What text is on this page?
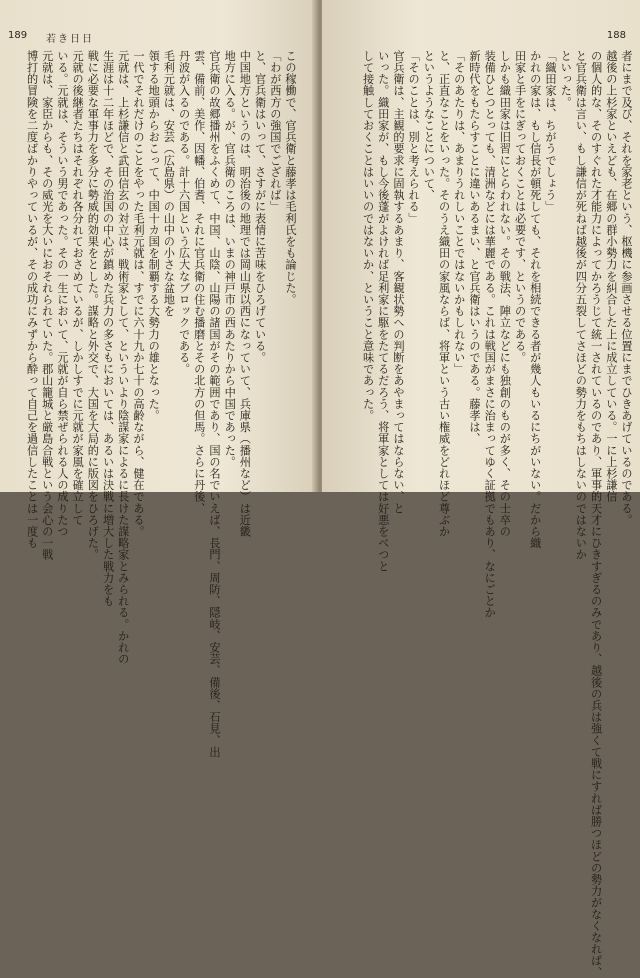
189 若き日日
この稼働で、官兵衛と藤孝は毛利氏をも論じた。
「わが西方の強国でござれば」
と、官兵衛はいって、さすがに表情に苦味をひろげている。
中国地方というのは、明治後の地理では岡山県以西になっていて、兵庫県（播州など）は近畿
地方に入る。が、官兵衛のころは、いまの神戸市の西あたりから中国であった。
官兵衛の故郷播州をふくめて、中国、山陰、山陽の諸国がその範囲であり、国の名でいえば、長門、周防、隠岐、安芸、備後、石見、出
雲、備前、美作、因幡、伯耆、それに官兵衛の住む播磨とその北方の但馬。さらに丹後、
丹波が入るのである。計十六国という広大なブロックである。
毛利元就は、安芸（広島県）の山中の小さな盆地を
領する地頭からおこって、中国十カ国を制覇する大勢力の雄となった。
一代でそれだけのことをやった毛利元就は、すでに六十九か七十の高齢ながら、健在である。
元就は、上杉謙信と武田信玄の対立は、戦術家として、といういより陰謀家によるに長けた謀略家とみられる。かれの
生涯は十二年ほどで、その治国の中心が鎮めた兵力の多さもにおいては、あるいは決戦に増大した戦力をも
戦に必要な軍事力を多分に勢威的効果をとした。謀略と外交で、大国を大局的に版図をひろげた。
元就の後継者たちはそれぞれ各分れておさめているが、しかしすでに元就が家風を確立して
いる。元就は、そういう男であった。その一生において、元就が自ら禁ぜられる人の成りたつ
元就は、家臣からも、その威光を大いにおそれられていた。郡山籠城と厳島合戦という会心の一戦
博打的冒険を二度ばかりやっているが、その成功にみずから酔って自己を過信したことは一度も
188
者にまで及び、それを家老という、枢機に参画させる位置にまでひきあげているのである。
越後の上杉家といえども、在郷の群小勢力を糾合した上に成立している。一に上杉謙信
の個人的な、そのすぐれた才能力によってかろうじて統一されているのであり、軍事的天才にひきすぎるのみであり、越後の兵は強くて戦にすれば勝つほどの勢力がなくなれば、
と官兵衛は言い、もし謙信が死ねば越後が四分五裂してさほどの勢力をもちはしないのではないか
といった。
「織田家は、ちがうでしょう」
かれの家は、もし信長が頓死しても、それを相続できる者が幾人もいるにちがいない。だから織
田家と手をにぎっておくことは必要です、というのである。
しかも織田家は旧習にとらわれない。その戦法、陣立などにも独創のものが多く、その士卒の
装備ひとつとっても、清洲などには華麗である。これは戦国がまさに治まってゆく証拠でもあり、なにごとか
新時代をもたらすことに違いあるまい、と官兵衛はいうのである。藤孝は、
「そのあたりは、あまりうれしいことではないかもしれない」
と、正直なことをいった。そのうえ織田の家風ならば、将軍という古い権威をどれほど尊ぶか
というようなことについて、
「そのことは、別と考えられる」
官兵衛は、主観的要求に固執するあまり、客観状勢への判断をあやまってはならない、と
いった。織田家が、もし今後蓬がよければ足利家に駆をたてるだろう、将軍家としては好悪をべつと
して接触しておくことはいいのではないか、ということ意味であった。
